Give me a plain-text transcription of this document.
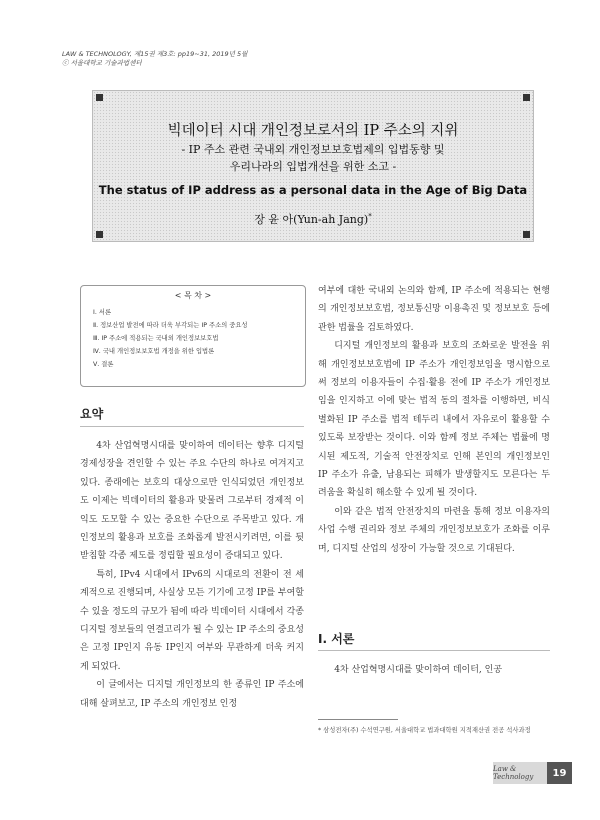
LAW & TECHNOLOGY, 제15권 제3호: pp19~31, 2019년 5월
ⓒ 서울대학교 기술과법센터
빅데이터 시대 개인정보로서의 IP 주소의 지위
- IP 주소 관련 국내외 개인정보보호법제의 입법동향 및
우리나라의 입법개선을 위한 소고 -
The status of IP address as a personal data in the Age of Big Data
장 윤 아(Yun-ah Jang)*
< 목 차 >
Ⅰ. 서론
Ⅱ. 정보산업 발전에 따라 더욱 부각되는 IP 주소의 중요성
Ⅲ. IP 주소에 적용되는 국내외 개인정보보호법
Ⅳ. 국내 개인정보보호법 개정을 위한 입법론
Ⅴ. 결론
요약

4차 산업혁명시대를 맞이하여 데이터는 향후 디지털 경제성장을 견인할 수 있는 주요 수단의 하나로 여겨지고 있다. 종래에는 보호의 대상으로만 인식되었던 개인정보도 이제는 빅데이터의 활용과 맞물려 그로부터 경제적 이익도 도모할 수 있는 중요한 수단으로 주목받고 있다. 개인정보의 활용과 보호를 조화롭게 발전시키려면, 이를 뒷받침할 각종 제도를 정립할 필요성이 증대되고 있다.

특히, IPv4 시대에서 IPv6의 시대로의 전환이 전 세계적으로 진행되며, 사실상 모든 기기에 고정 IP를 부여할 수 있을 정도의 규모가 됨에 따라 빅데이터 시대에서 각종 디지털 정보들의 연결고리가 될 수 있는 IP 주소의 중요성은 고정 IP인지 유동 IP인지 여부와 무관하게 더욱 커지게 되었다.

이 글에서는 디지털 개인정보의 한 종류인 IP 주소에 대해 살펴보고, IP 주소의 개인정보 인정

여부에 대한 국내외 논의와 함께, IP 주소에 적용되는 현행의 개인정보보호법, 정보통신망 이용촉진 및 정보보호 등에 관한 법률을 검토하였다.

디지털 개인정보의 활용과 보호의 조화로운 발전을 위해 개인정보보호법에 IP 주소가 개인정보임을 명시함으로써 정보의 이용자들이 수집·활용 전에 IP 주소가 개인정보임을 인지하고 이에 맞는 법적 동의 절차를 이행하면, 비식별화된 IP 주소를 법적 테두리 내에서 자유로이 활용할 수 있도록 보장받는 것이다. 이와 함께 정보 주체는 법률에 명시된 제도적, 기술적 안전장치로 인해 본인의 개인정보인 IP 주소가 유출, 남용되는 피해가 발생할지도 모른다는 두려움을 확실히 해소할 수 있게 될 것이다.

이와 같은 법적 안전장치의 마련을 통해 정보 이용자의 사업 수행 권리와 정보 주체의 개인정보보호가 조화를 이루며, 디지털 산업의 성장이 가능할 것으로 기대된다.

Ⅰ. 서론

4차 산업혁명시대를 맞이하여 데이터, 인공

* 삼성전자(주) 수석연구원, 서울대학교 법과대학원 지적재산권 전공 석사과정
Law & Technology	19
